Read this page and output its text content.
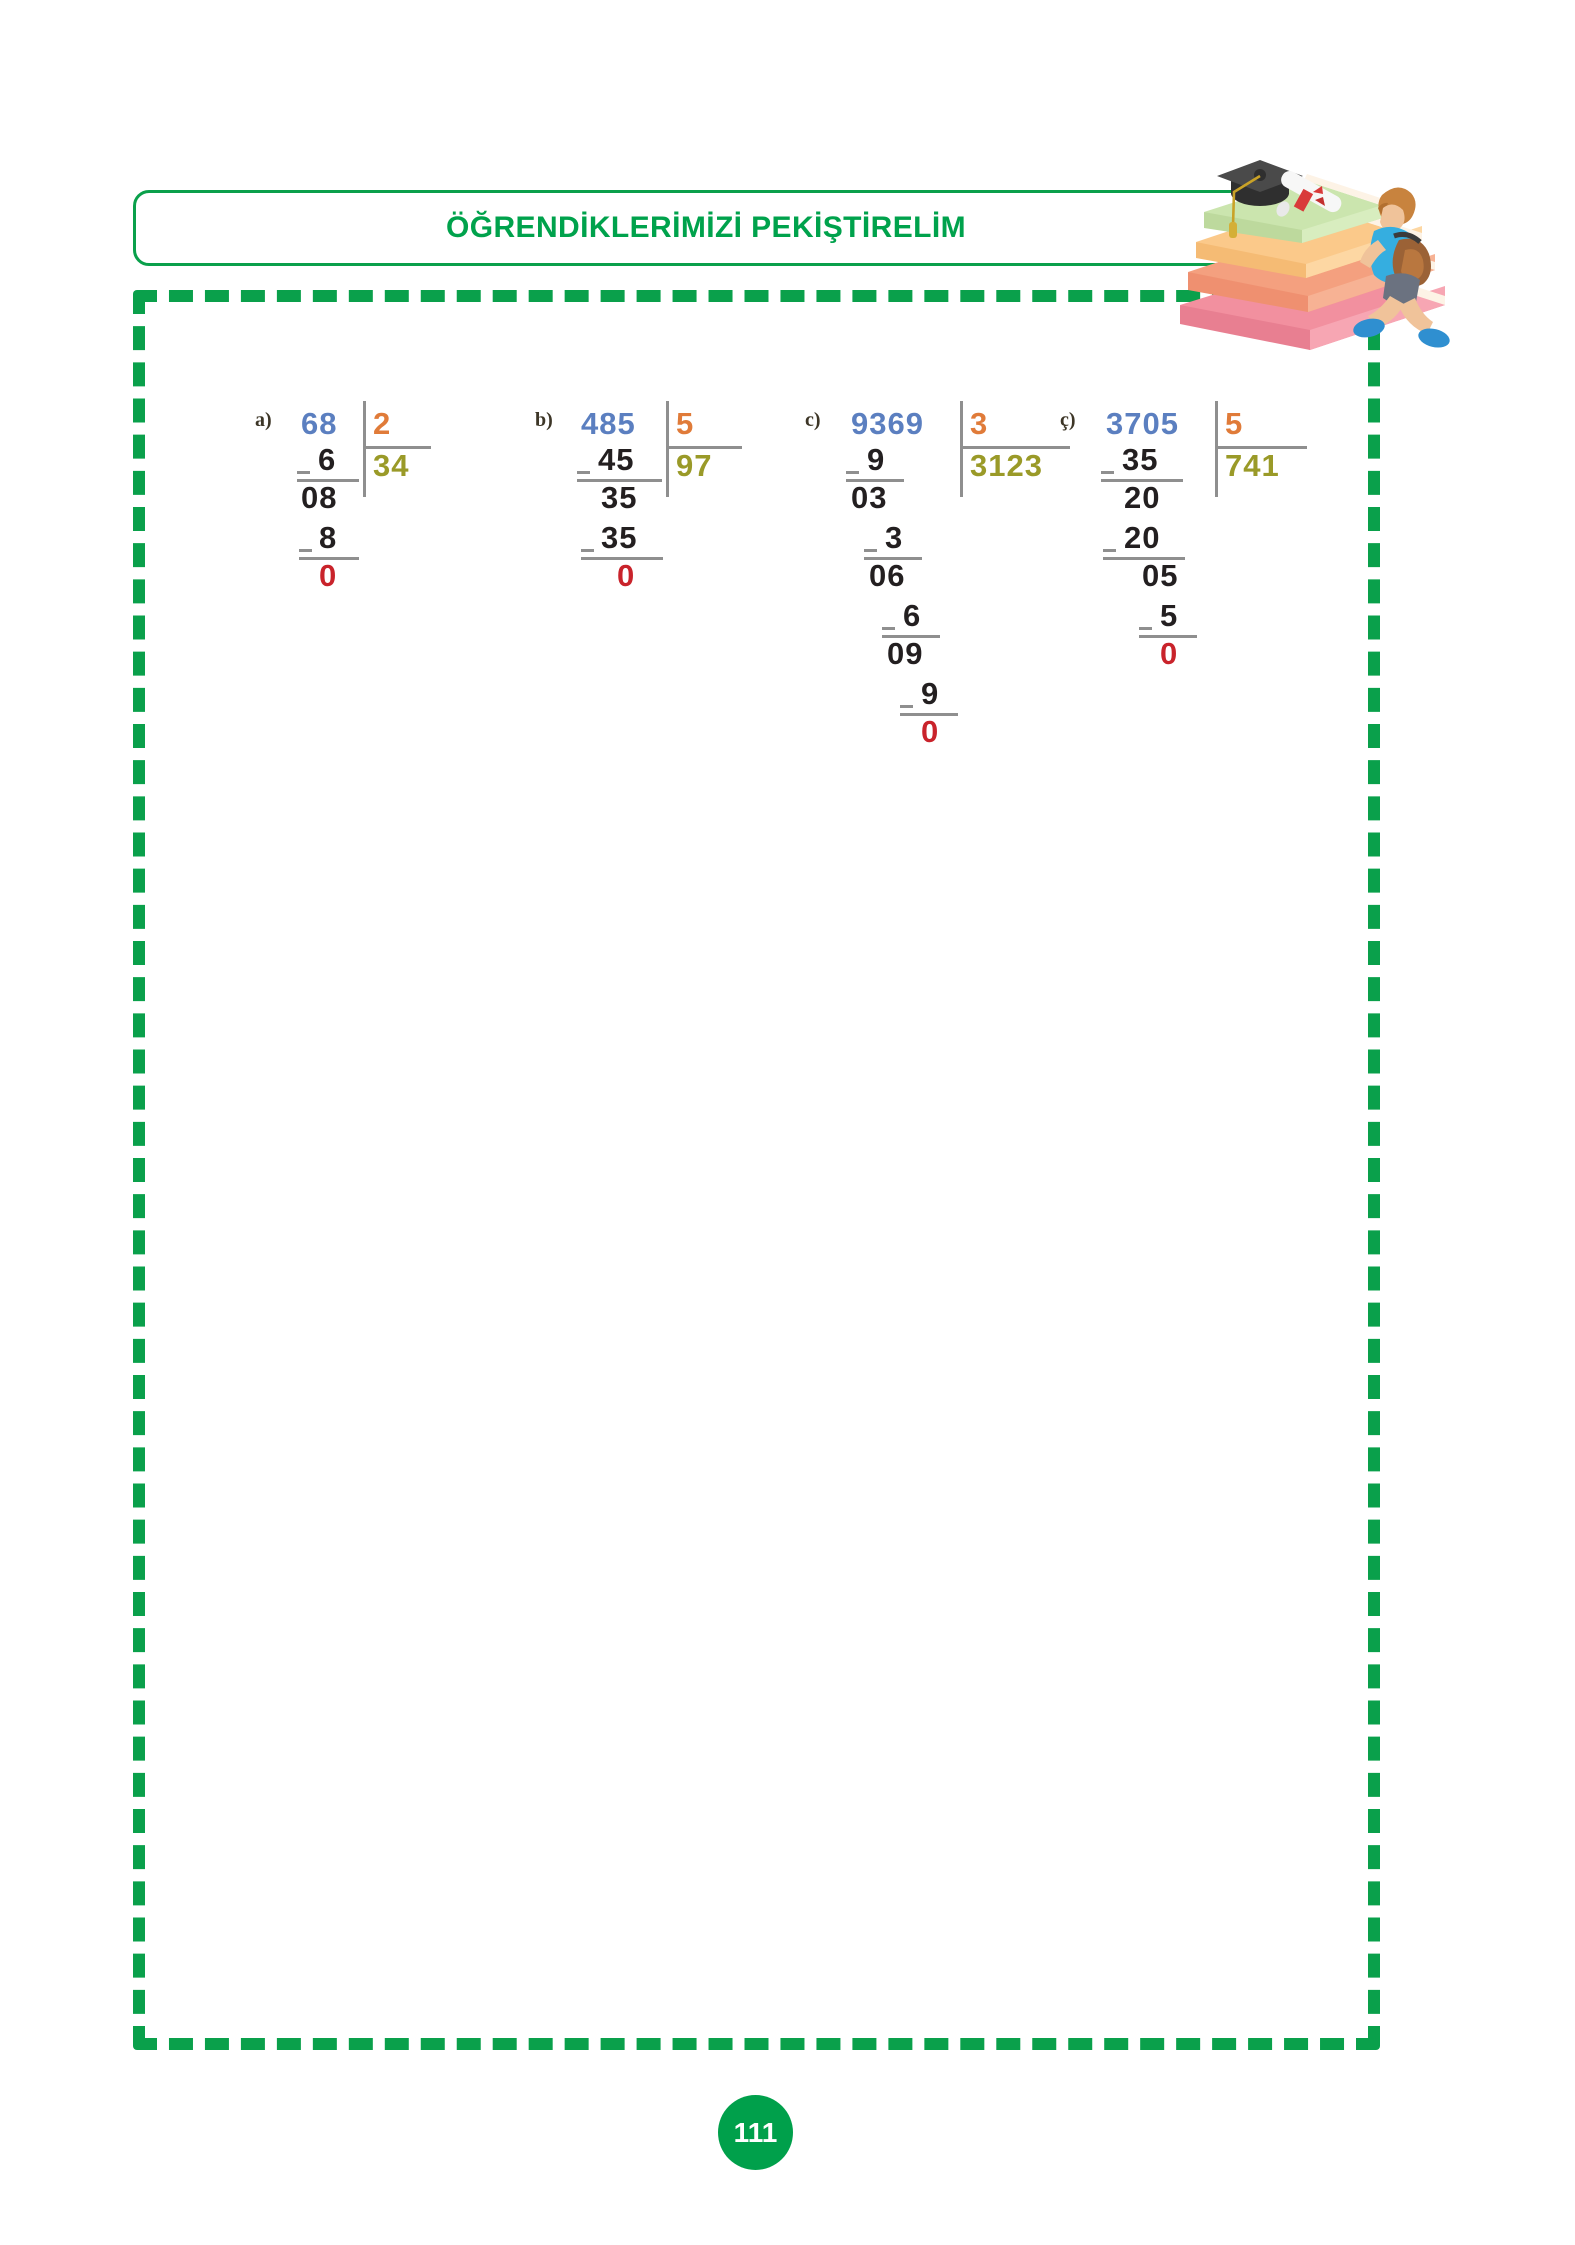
ÖĞRENDİKLERİMİZİ PEKİŞTİRELİM
a) 68 2
34
6
08
8
0
b) 485 5
97
45
35
35
0
c) 9369 3
3123
9
03
3
06
6
09
9
0
ç) 3705 5
741
35
20
20
05
5
0
111
